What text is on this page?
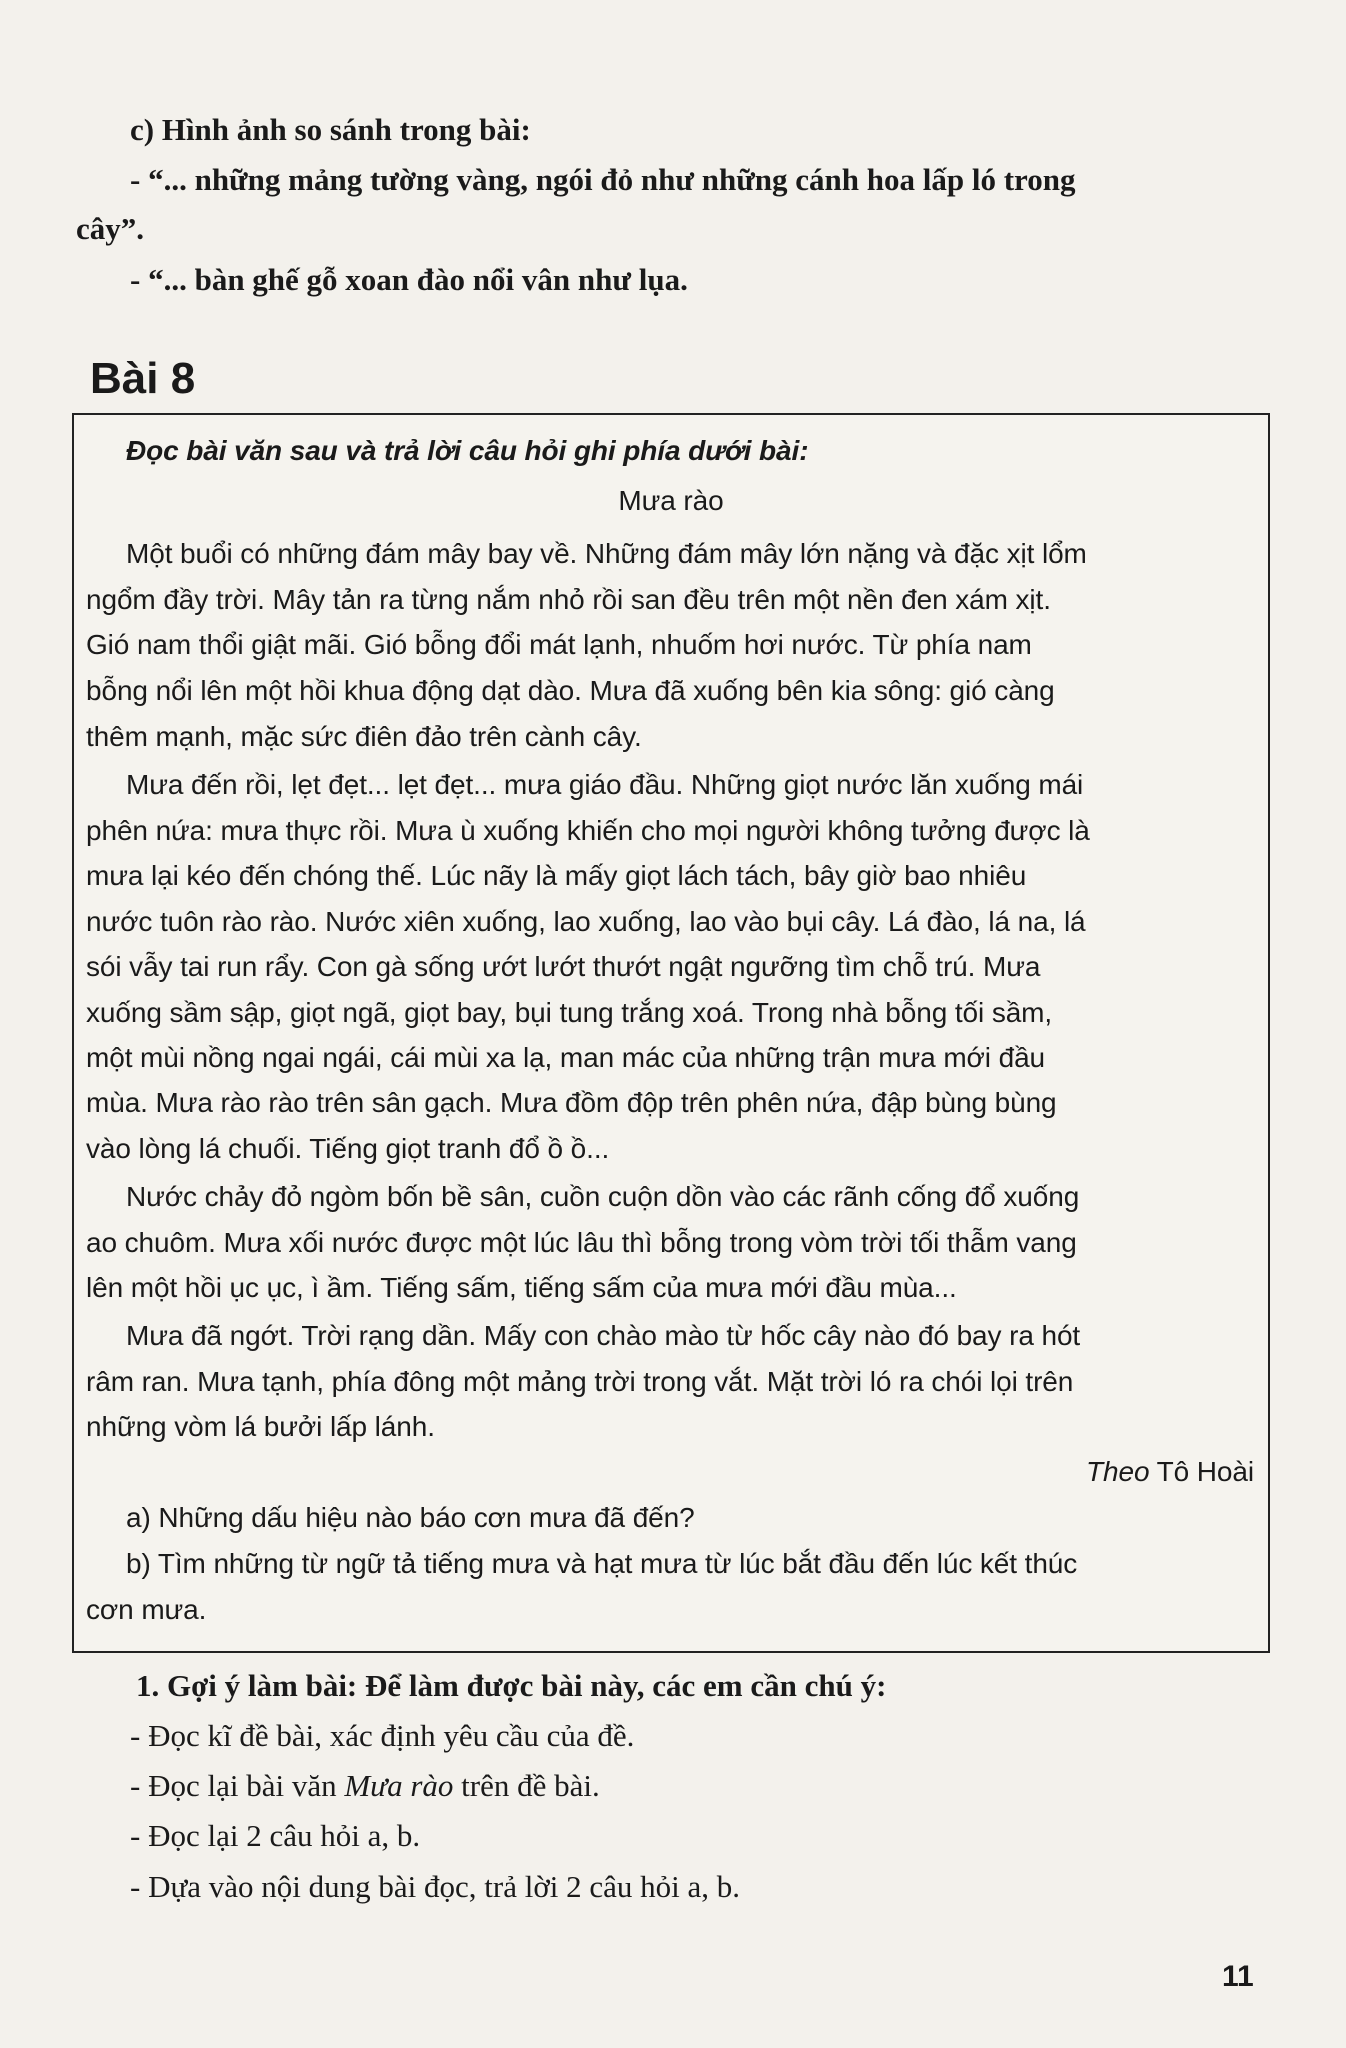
c) Hình ảnh so sánh trong bài:
- “... những mảng tường vàng, ngói đỏ như những cánh hoa lấp ló trong
cây”.
- “... bàn ghế gỗ xoan đào nổi vân như lụa.
Bài 8
Đọc bài văn sau và trả lời câu hỏi ghi phía dưới bài:
Mưa rào
Một buổi có những đám mây bay về. Những đám mây lớn nặng và đặc xịt lổm
ngổm đầy trời. Mây tản ra từng nắm nhỏ rồi san đều trên một nền đen xám xịt.
Gió nam thổi giật mãi. Gió bỗng đổi mát lạnh, nhuốm hơi nước. Từ phía nam
bỗng nổi lên một hồi khua động dạt dào. Mưa đã xuống bên kia sông: gió càng
thêm mạnh, mặc sức điên đảo trên cành cây.
Mưa đến rồi, lẹt đẹt... lẹt đẹt... mưa giáo đầu. Những giọt nước lăn xuống mái
phên nứa: mưa thực rồi. Mưa ù xuống khiến cho mọi người không tưởng được là
mưa lại kéo đến chóng thế. Lúc nãy là mấy giọt lách tách, bây giờ bao nhiêu
nước tuôn rào rào. Nước xiên xuống, lao xuống, lao vào bụi cây. Lá đào, lá na, lá
sói vẫy tai run rẩy. Con gà sống ướt lướt thướt ngật ngưỡng tìm chỗ trú. Mưa
xuống sầm sập, giọt ngã, giọt bay, bụi tung trắng xoá. Trong nhà bỗng tối sầm,
một mùi nồng ngai ngái, cái mùi xa lạ, man mác của những trận mưa mới đầu
mùa. Mưa rào rào trên sân gạch. Mưa đồm độp trên phên nứa, đập bùng bùng
vào lòng lá chuối. Tiếng giọt tranh đổ ồ ồ...
Nước chảy đỏ ngòm bốn bề sân, cuồn cuộn dồn vào các rãnh cống đổ xuống
ao chuôm. Mưa xối nước được một lúc lâu thì bỗng trong vòm trời tối thẫm vang
lên một hồi ục ục, ì ầm. Tiếng sấm, tiếng sấm của mưa mới đầu mùa...
Mưa đã ngớt. Trời rạng dần. Mấy con chào mào từ hốc cây nào đó bay ra hót
râm ran. Mưa tạnh, phía đông một mảng trời trong vắt. Mặt trời ló ra chói lọi trên
những vòm lá bưởi lấp lánh.
Theo Tô Hoài
a) Những dấu hiệu nào báo cơn mưa đã đến?
b) Tìm những từ ngữ tả tiếng mưa và hạt mưa từ lúc bắt đầu đến lúc kết thúc
cơn mưa.
1. Gợi ý làm bài: Để làm được bài này, các em cần chú ý:
- Đọc kĩ đề bài, xác định yêu cầu của đề.
- Đọc lại bài văn Mưa rào trên đề bài.
- Đọc lại 2 câu hỏi a, b.
- Dựa vào nội dung bài đọc, trả lời 2 câu hỏi a, b.
11
